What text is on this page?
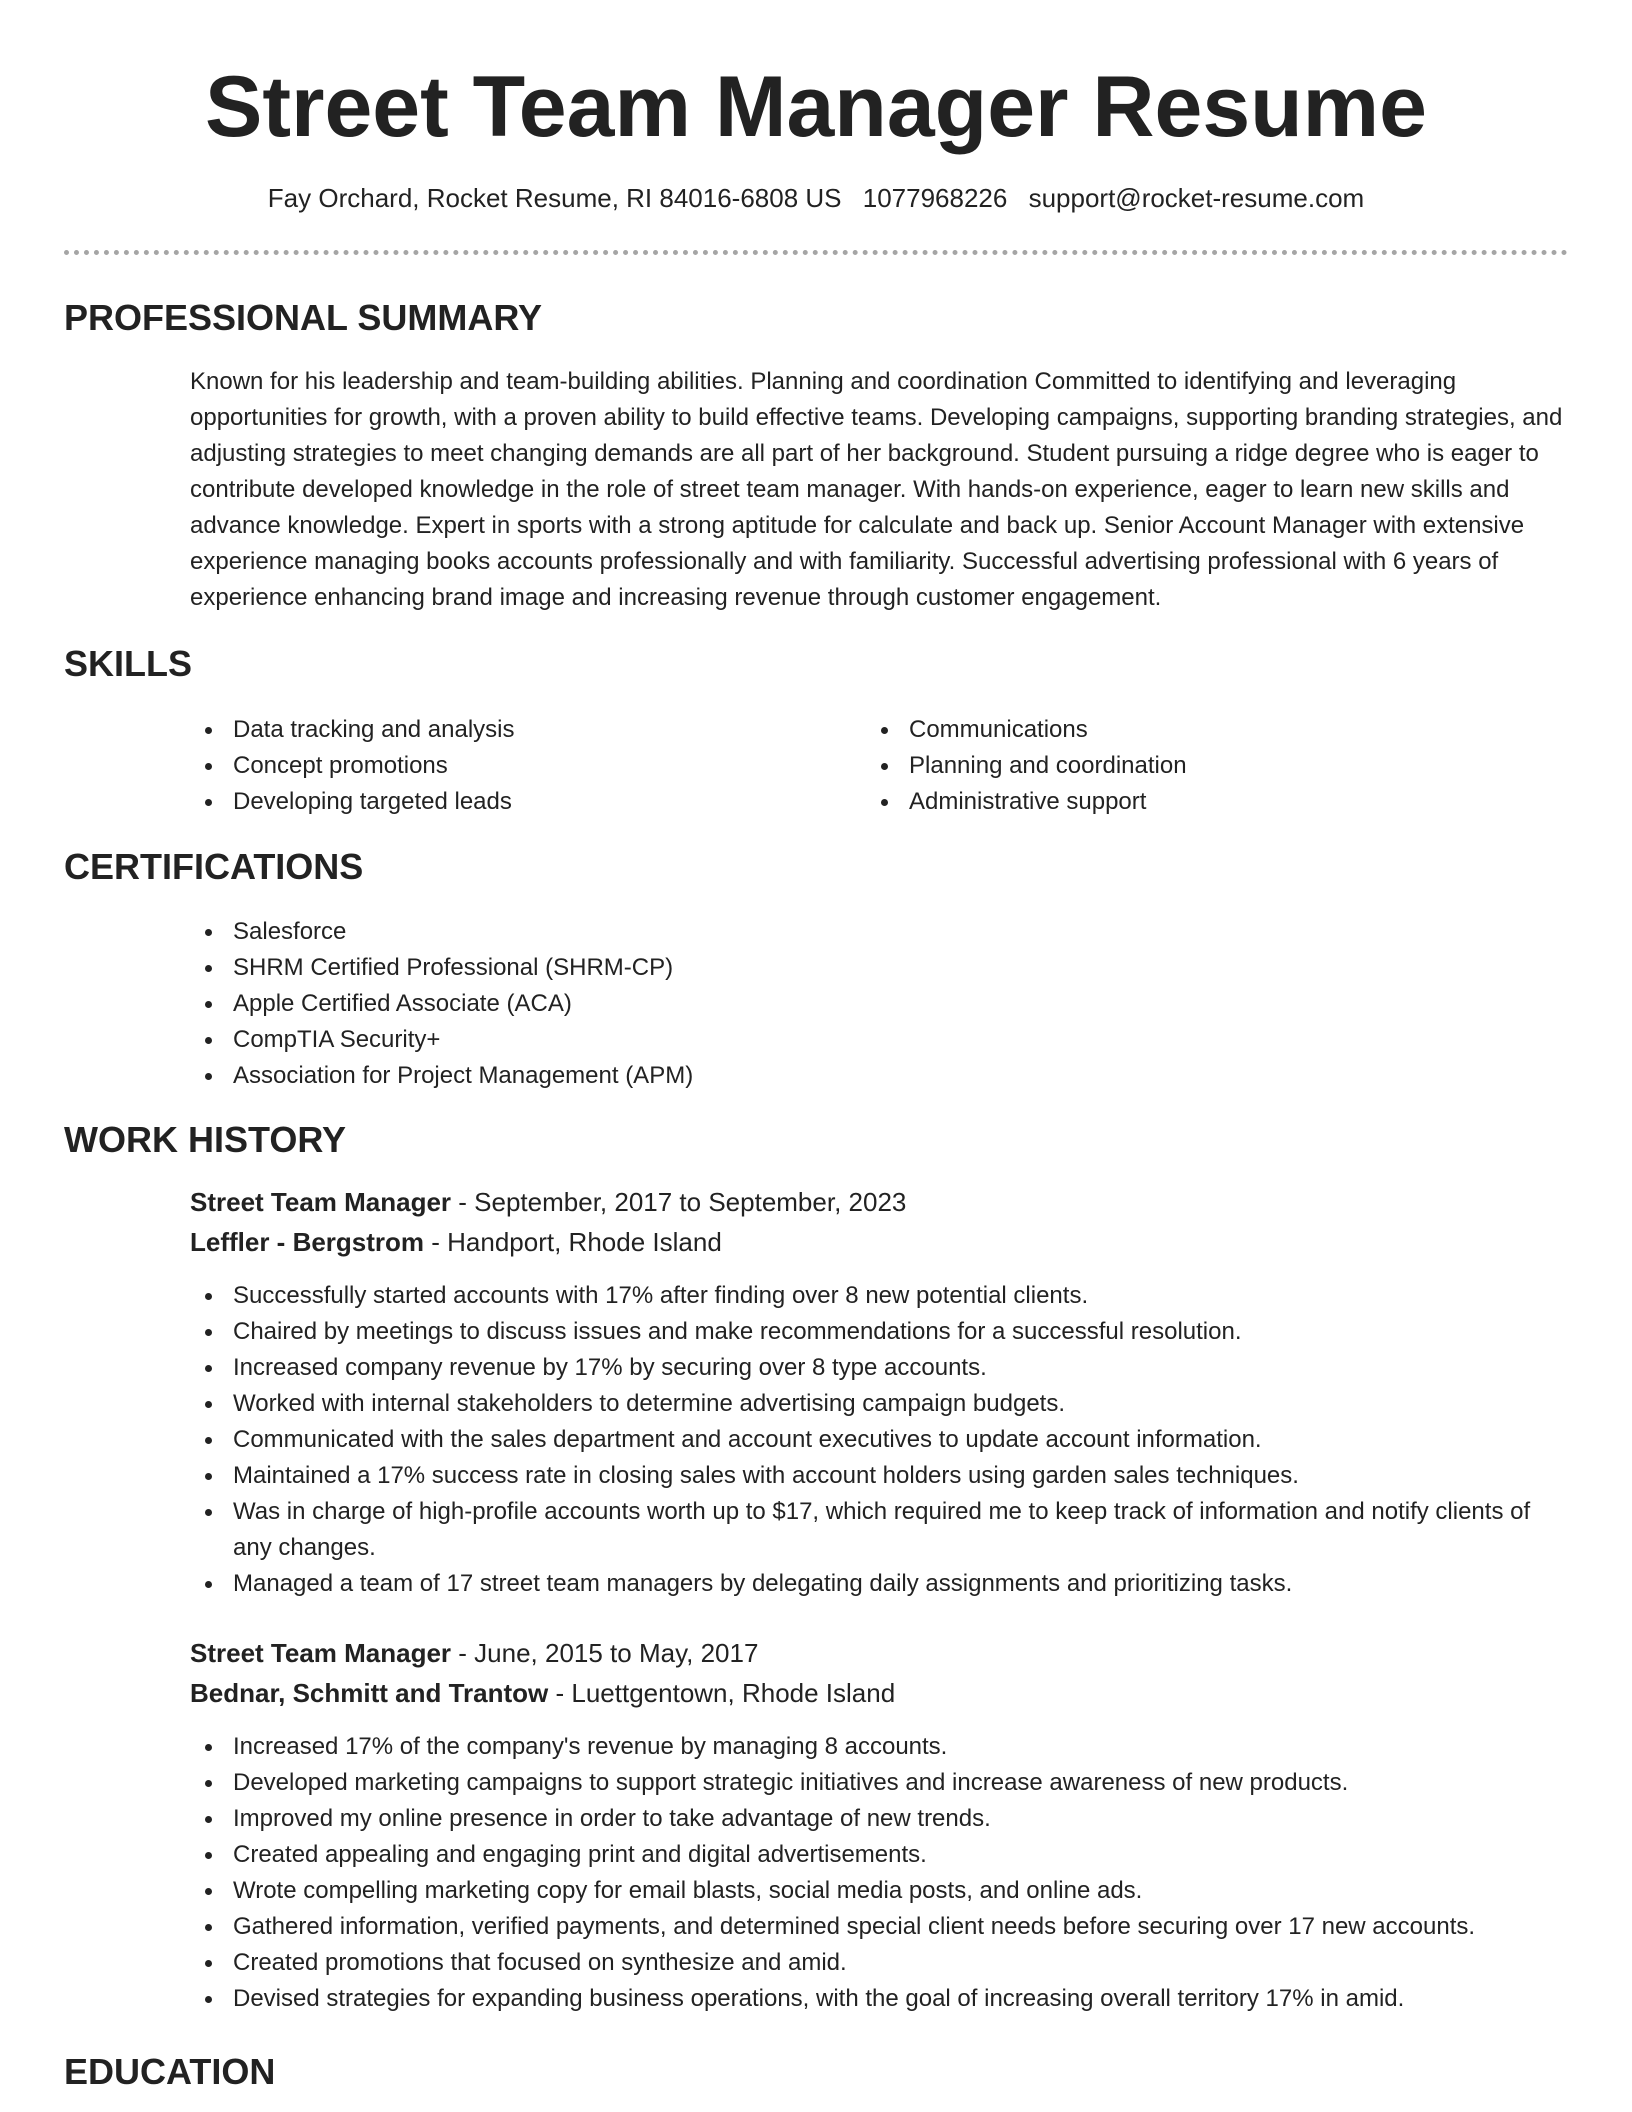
Street Team Manager Resume
Fay Orchard, Rocket Resume, RI 84016-6808 US 1077968226 support@rocket-resume.com
PROFESSIONAL SUMMARY

Known for his leadership and team-building abilities. Planning and coordination Committed to identifying and leveraging opportunities for growth, with a proven ability to build effective teams. Developing campaigns, supporting branding strategies, and adjusting strategies to meet changing demands are all part of her background. Student pursuing a ridge degree who is eager to contribute developed knowledge in the role of street team manager. With hands-on experience, eager to learn new skills and advance knowledge. Expert in sports with a strong aptitude for calculate and back up. Senior Account Manager with extensive experience managing books accounts professionally and with familiarity. Successful advertising professional with 6 years of experience enhancing brand image and increasing revenue through customer engagement.

SKILLS
Data tracking and analysis
Concept promotions
Developing targeted leads
Communications
Planning and coordination
Administrative support
CERTIFICATIONS
Salesforce
SHRM Certified Professional (SHRM-CP)
Apple Certified Associate (ACA)
CompTIA Security+
Association for Project Management (APM)
WORK HISTORY
Street Team Manager - September, 2017 to September, 2023
Leffler - Bergstrom - Handport, Rhode Island
Successfully started accounts with 17% after finding over 8 new potential clients.
Chaired by meetings to discuss issues and make recommendations for a successful resolution.
Increased company revenue by 17% by securing over 8 type accounts.
Worked with internal stakeholders to determine advertising campaign budgets.
Communicated with the sales department and account executives to update account information.
Maintained a 17% success rate in closing sales with account holders using garden sales techniques.
Was in charge of high-profile accounts worth up to $17, which required me to keep track of information and notify clients of any changes.
Managed a team of 17 street team managers by delegating daily assignments and prioritizing tasks.
Street Team Manager - June, 2015 to May, 2017
Bednar, Schmitt and Trantow - Luettgentown, Rhode Island
Increased 17% of the company's revenue by managing 8 accounts.
Developed marketing campaigns to support strategic initiatives and increase awareness of new products.
Improved my online presence in order to take advantage of new trends.
Created appealing and engaging print and digital advertisements.
Wrote compelling marketing copy for email blasts, social media posts, and online ads.
Gathered information, verified payments, and determined special client needs before securing over 17 new accounts.
Created promotions that focused on synthesize and amid.
Devised strategies for expanding business operations, with the goal of increasing overall territory 17% in amid.
EDUCATION
